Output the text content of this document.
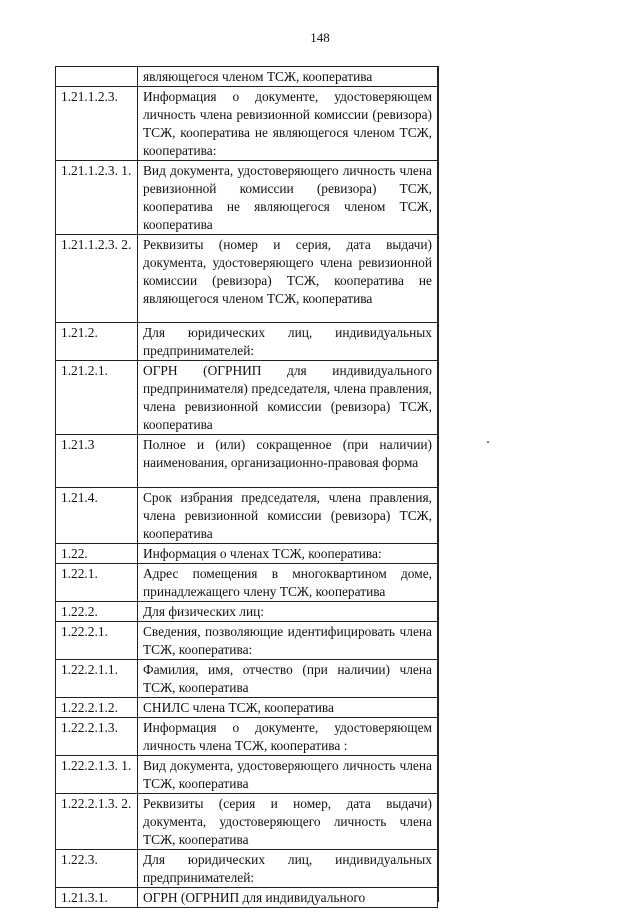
148
	являющегося членом ТСЖ, кооператива
1.21.1.2.3.	Информация о документе, удостоверяющем личность члена ревизионной комиссии (ревизора) ТСЖ, кооператива не являющегося членом ТСЖ, кооператива:
1.21.1.2.3. 1.	Вид документа, удостоверяющего личность члена ревизионной комиссии (ревизора) ТСЖ, кооператива не являющегося членом ТСЖ, кооператива
1.21.1.2.3. 2.	Реквизиты (номер и серия, дата выдачи) документа, удостоверяющего члена ревизионной комиссии (ревизора) ТСЖ, кооператива не являющегося членом ТСЖ, кооператива
1.21.2.	Для юридических лиц, индивидуальных предпринимателей:
1.21.2.1.	ОГРН (ОГРНИП для индивидуального предпринимателя) председателя, члена правления, члена ревизионной комиссии (ревизора) ТСЖ, кооператива
1.21.3	Полное и (или) сокращенное (при наличии) наименования, организационно-правовая форма
1.21.4.	Срок избрания председателя, члена правления, члена ревизионной комиссии (ревизора) ТСЖ, кооператива
1.22.	Информация о членах ТСЖ, кооператива:
1.22.1.	Адрес помещения в многоквартином доме, принадлежащего члену ТСЖ, кооператива
1.22.2.	Для физических лиц:
1.22.2.1.	Сведения, позволяющие идентифицировать члена ТСЖ, кооператива:
1.22.2.1.1.	Фамилия, имя, отчество (при наличии) члена ТСЖ, кооператива
1.22.2.1.2.	СНИЛС члена ТСЖ, кооператива
1.22.2.1.3.	Информация о документе, удостоверяющем личность члена ТСЖ, кооператива :
1.22.2.1.3. 1.	Вид документа, удостоверяющего личность члена ТСЖ, кооператива
1.22.2.1.3. 2.	Реквизиты (серия и номер, дата выдачи) документа, удостоверяющего личность члена ТСЖ, кооператива
1.22.3.	Для юридических лиц, индивидуальных предпринимателей:
1.21.3.1.	ОГРН (ОГРНИП для индивидуального
